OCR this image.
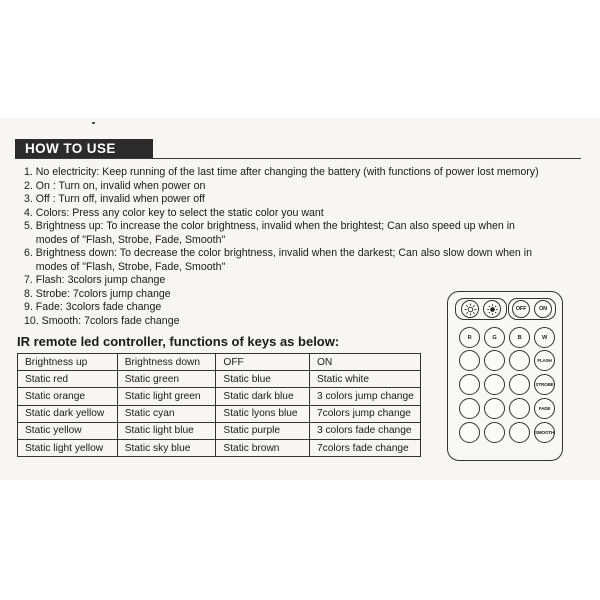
HOW TO USE
1. No electricity: Keep running of the last time after changing the battery (with functions of power lost memory)
2. On : Turn on, invalid when power on
3. Off : Turn off, invalid when power off
4. Colors: Press any color key to select the static color you want
5. Brightness up: To increase the color brightness, invalid when the brightest; Can also speed up when in
modes of "Flash, Strobe, Fade, Smooth"
6. Brightness down: To decrease the color brightness, invalid when the darkest; Can also slow down when in
modes of "Flash, Strobe, Fade, Smooth"
7. Flash: 3colors jump change
8. Strobe: 7colors jump change
9. Fade: 3colors fade change
10. Smooth: 7colors fade change
IR remote led controller, functions of keys as below:
Brightness up	Brightness down	OFF	ON
Static red	Static green	Static blue	Static white
Static orange	Static light green	Static dark blue	3 colors jump change
Static dark yellow	Static cyan	Static lyons blue	7colors jump change
Static yellow	Static light blue	Static purple	3 colors fade change
Static light yellow	Static sky blue	Static brown	7colors fade change
OFF	ON
R	G	B	W
FLASH
STROBE
FADE
SMOOTH
